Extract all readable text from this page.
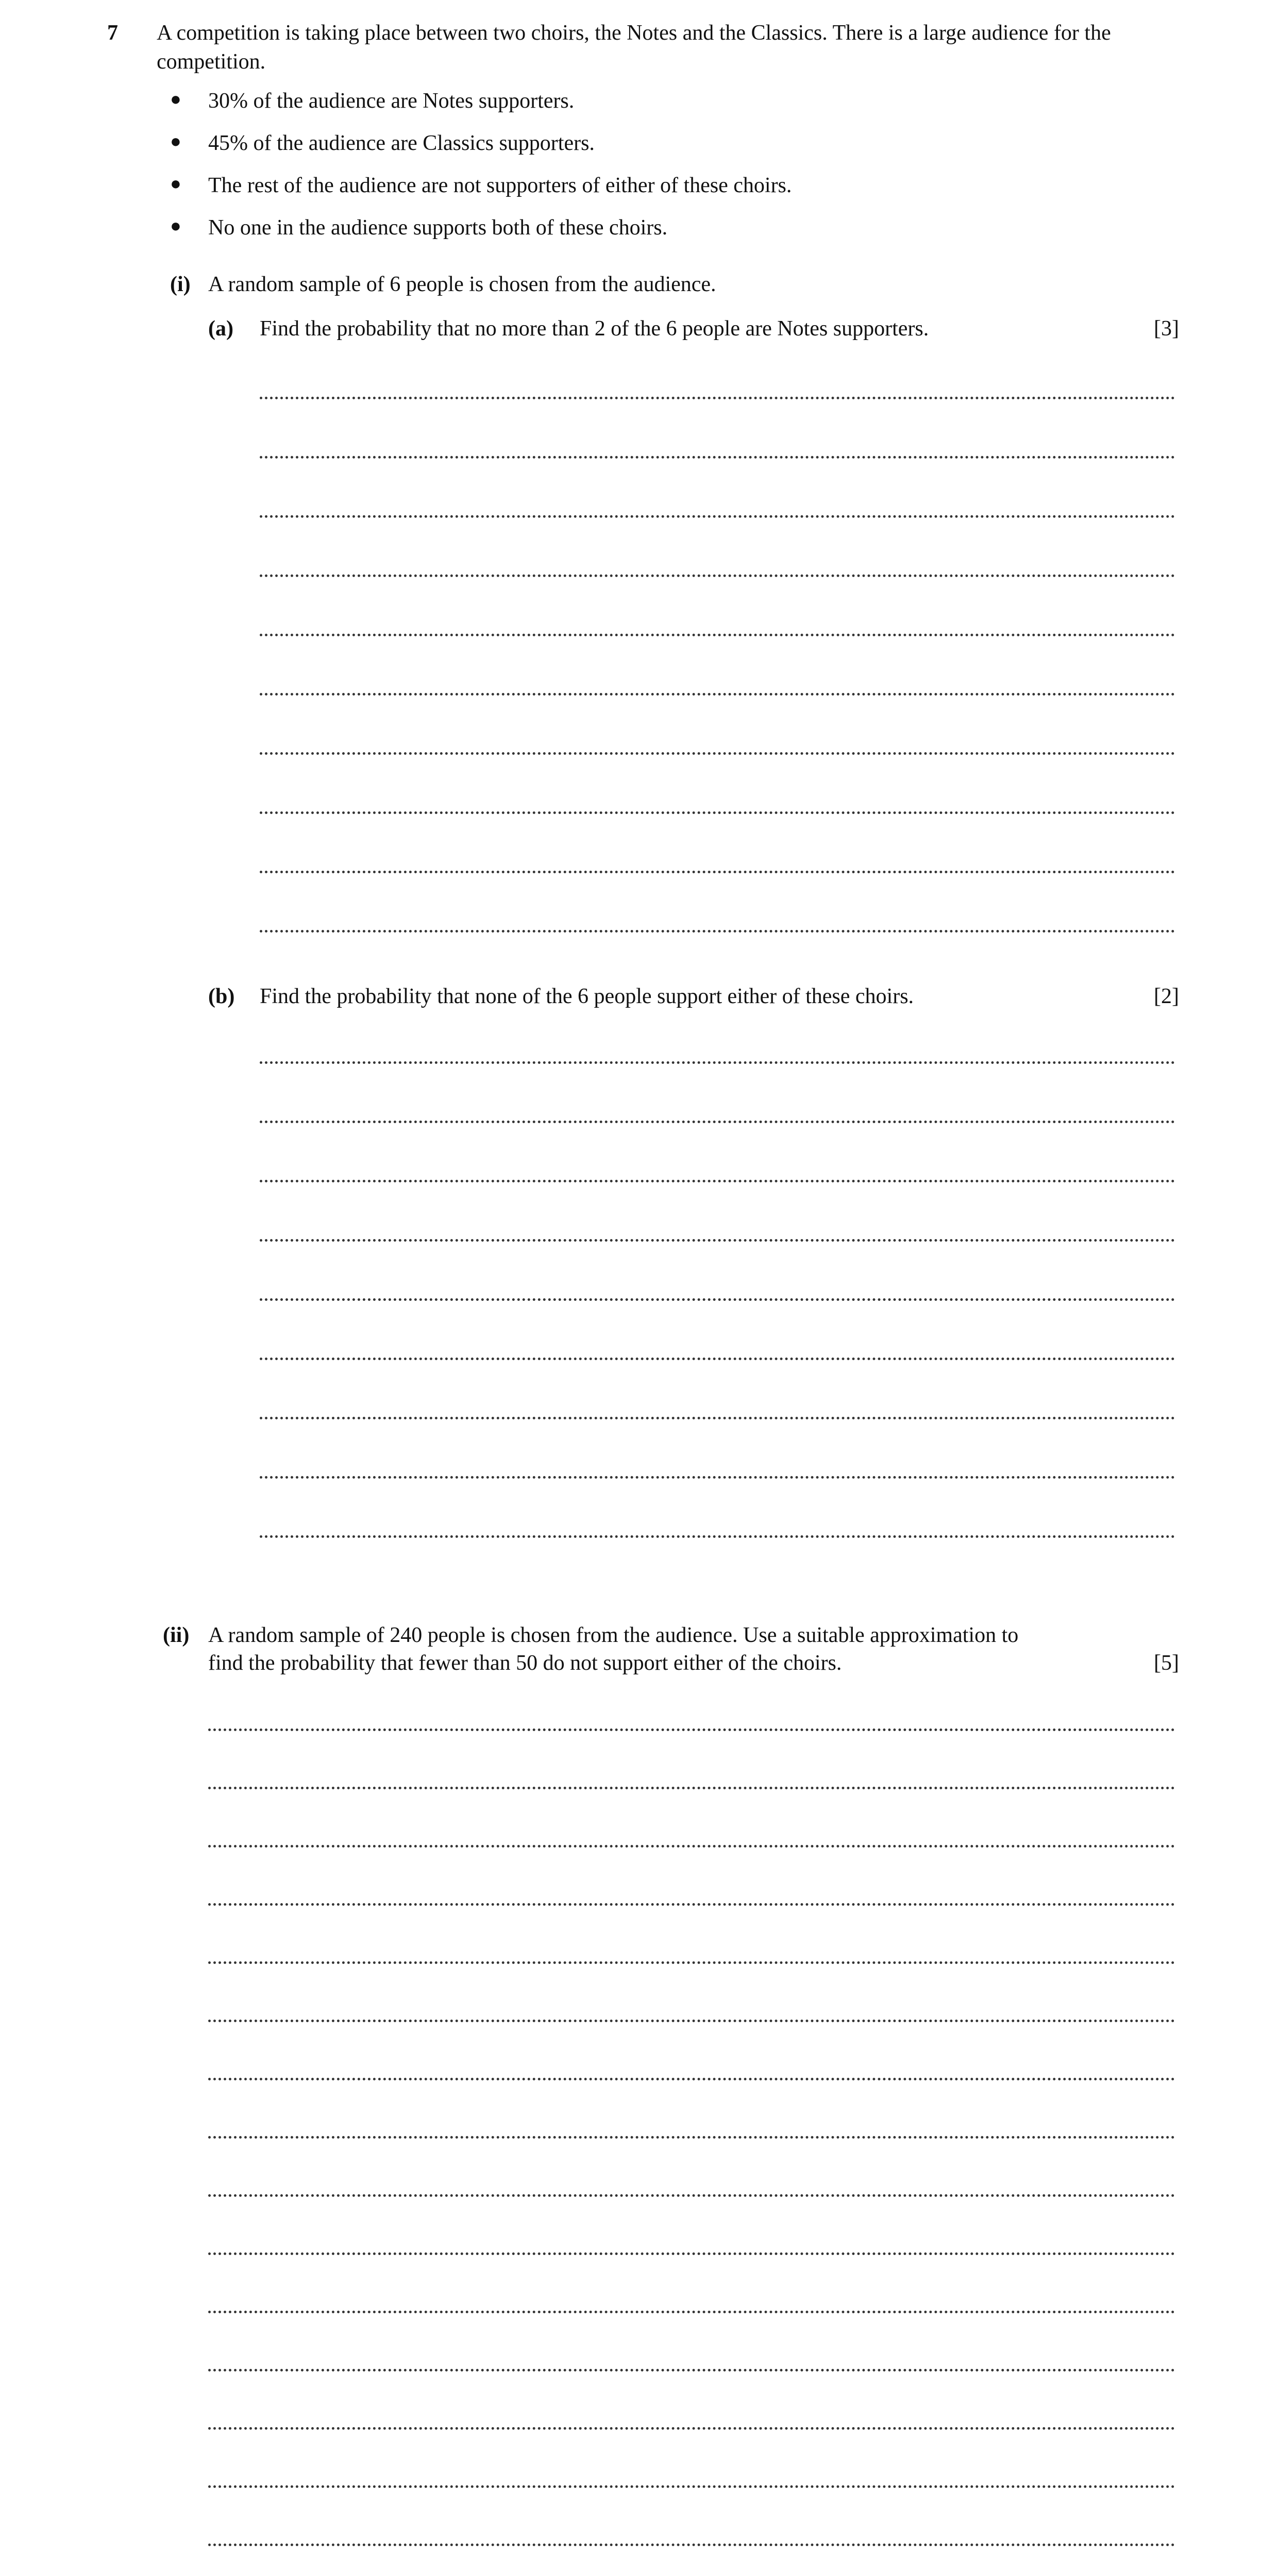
7 A competition is taking place between two choirs, the Notes and the Classics. There is a large audience for the competition.
● 30% of the audience are Notes supporters.
● 45% of the audience are Classics supporters.
● The rest of the audience are not supporters of either of these choirs.
● No one in the audience supports both of these choirs.
(i) A random sample of 6 people is chosen from the audience.
(a) Find the probability that no more than 2 of the 6 people are Notes supporters.	[3]
(b) Find the probability that none of the 6 people support either of these choirs.	[2]
(ii) A random sample of 240 people is chosen from the audience. Use a suitable approximation to
find the probability that fewer than 50 do not support either of the choirs.	[5]
